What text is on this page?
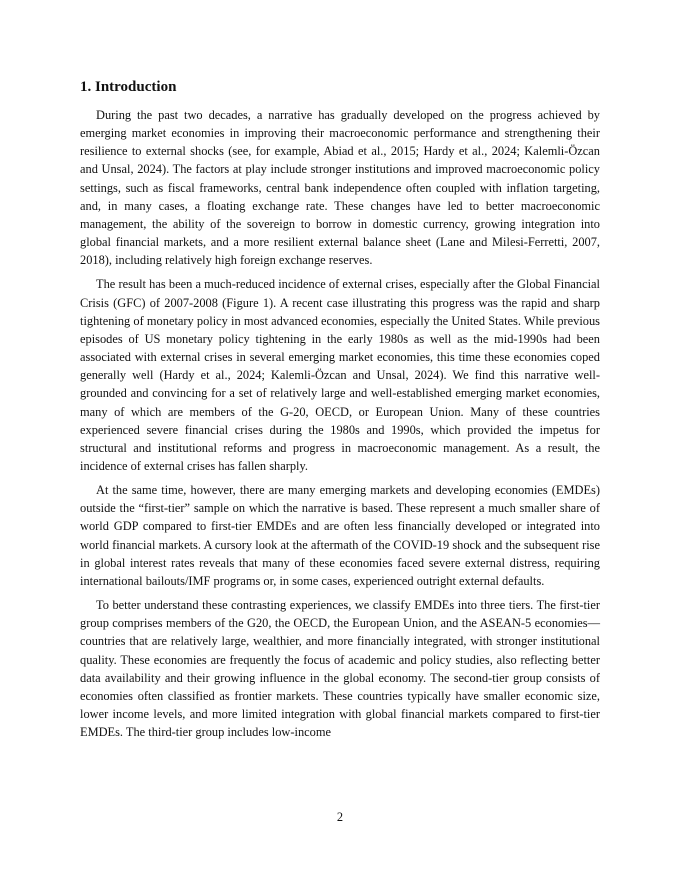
1. Introduction

During the past two decades, a narrative has gradually developed on the progress achieved by emerging market economies in improving their macroeconomic performance and strengthening their resilience to external shocks (see, for example, Abiad et al., 2015; Hardy et al., 2024; Kalemli-Özcan and Unsal, 2024). The factors at play include stronger institutions and improved macroeconomic policy settings, such as fiscal frameworks, central bank independence often coupled with inflation targeting, and, in many cases, a floating exchange rate. These changes have led to better macroeconomic management, the ability of the sovereign to borrow in domestic currency, growing integration into global financial markets, and a more resilient external balance sheet (Lane and Milesi-Ferretti, 2007, 2018), including relatively high foreign exchange reserves.

The result has been a much-reduced incidence of external crises, especially after the Global Financial Crisis (GFC) of 2007-2008 (Figure 1). A recent case illustrating this progress was the rapid and sharp tightening of monetary policy in most advanced economies, especially the United States. While previous episodes of US monetary policy tightening in the early 1980s as well as the mid-1990s had been associated with external crises in several emerging market economies, this time these economies coped generally well (Hardy et al., 2024; Kalemli-Özcan and Unsal, 2024). We find this narrative well-grounded and convincing for a set of relatively large and well-established emerging market economies, many of which are members of the G-20, OECD, or European Union. Many of these countries experienced severe financial crises during the 1980s and 1990s, which provided the impetus for structural and institutional reforms and progress in macroeconomic management. As a result, the incidence of external crises has fallen sharply.

At the same time, however, there are many emerging markets and developing economies (EMDEs) outside the “first-tier” sample on which the narrative is based. These represent a much smaller share of world GDP compared to first-tier EMDEs and are often less financially developed or integrated into world financial markets. A cursory look at the aftermath of the COVID-19 shock and the subsequent rise in global interest rates reveals that many of these economies faced severe external distress, requiring international bailouts/IMF programs or, in some cases, experienced outright external defaults.

To better understand these contrasting experiences, we classify EMDEs into three tiers. The first-tier group comprises members of the G20, the OECD, the European Union, and the ASEAN-5 economies—countries that are relatively large, wealthier, and more financially integrated, with stronger institutional quality. These economies are frequently the focus of academic and policy studies, also reflecting better data availability and their growing influence in the global economy. The second-tier group consists of economies often classified as frontier markets. These countries typically have smaller economic size, lower income levels, and more limited integration with global financial markets compared to first-tier EMDEs. The third-tier group includes low-income

2
